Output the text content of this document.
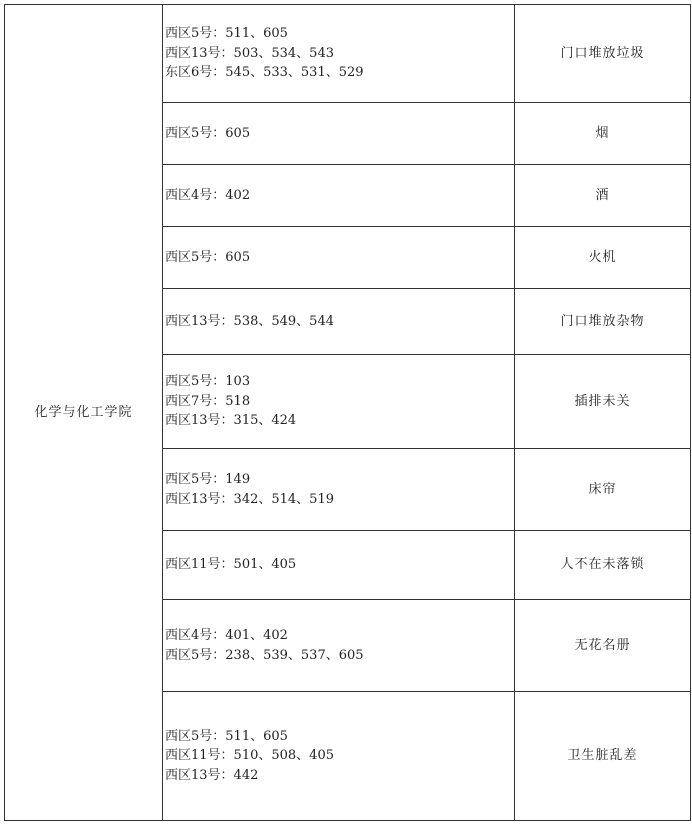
化学与化工学院	西区5号：511、605
西区13号：503、534、543
东区6号：545、533、531、529	门口堆放垃圾

	西区5号：605	烟

	西区4号：402	酒

	西区5号：605	火机

	西区13号：538、549、544	门口堆放杂物

	西区5号：103
西区7号：518
西区13号：315、424	插排未关

	西区5号：149
西区13号：342、514、519	床帘

	西区11号：501、405	人不在未落锁

	西区4号：401、402
西区5号：238、539、537、605	无花名册

	西区5号：511、605
西区11号：510、508、405
西区13号：442	卫生脏乱差
